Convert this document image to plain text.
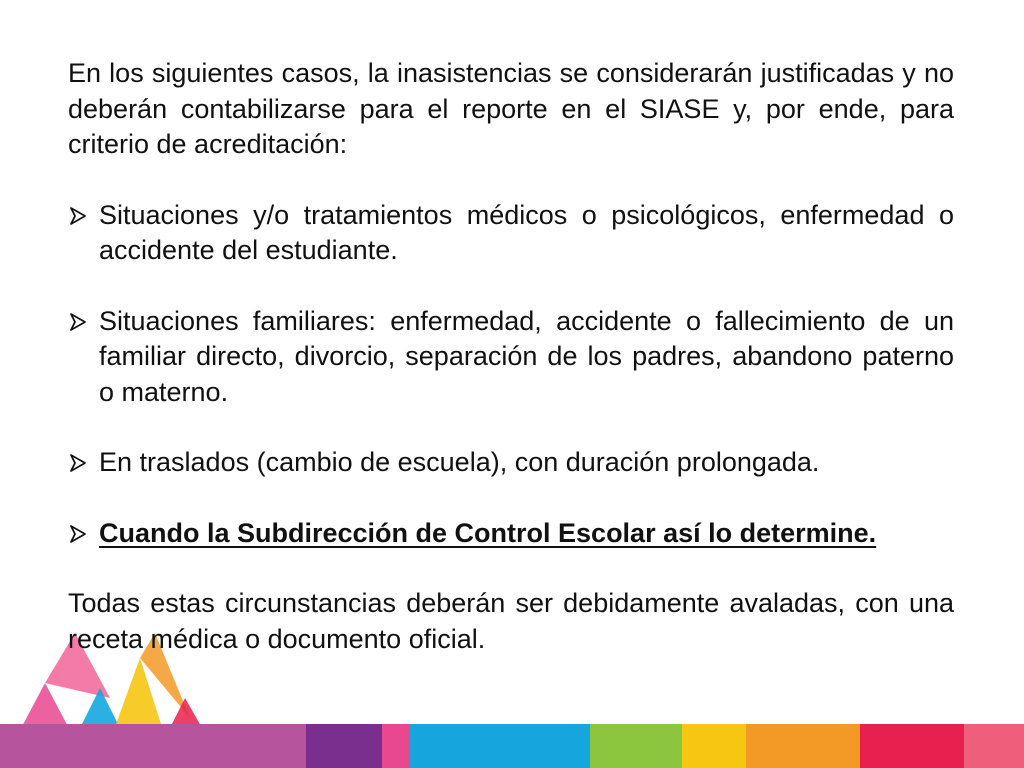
En los siguientes casos, la inasistencias se considerarán justificadas y no deberán contabilizarse para el reporte en el SIASE y, por ende, para criterio de acreditación:

Situaciones y/o tratamientos médicos o psicológicos, enfermedad o accidente del estudiante.
Situaciones familiares: enfermedad, accidente o fallecimiento de un familiar directo, divorcio, separación de los padres, abandono paterno o materno.
En traslados (cambio de escuela), con duración prolongada.
Cuando la Subdirección de Control Escolar así lo determine.

Todas estas circunstancias deberán ser debidamente avaladas, con una receta médica o documento oficial.
